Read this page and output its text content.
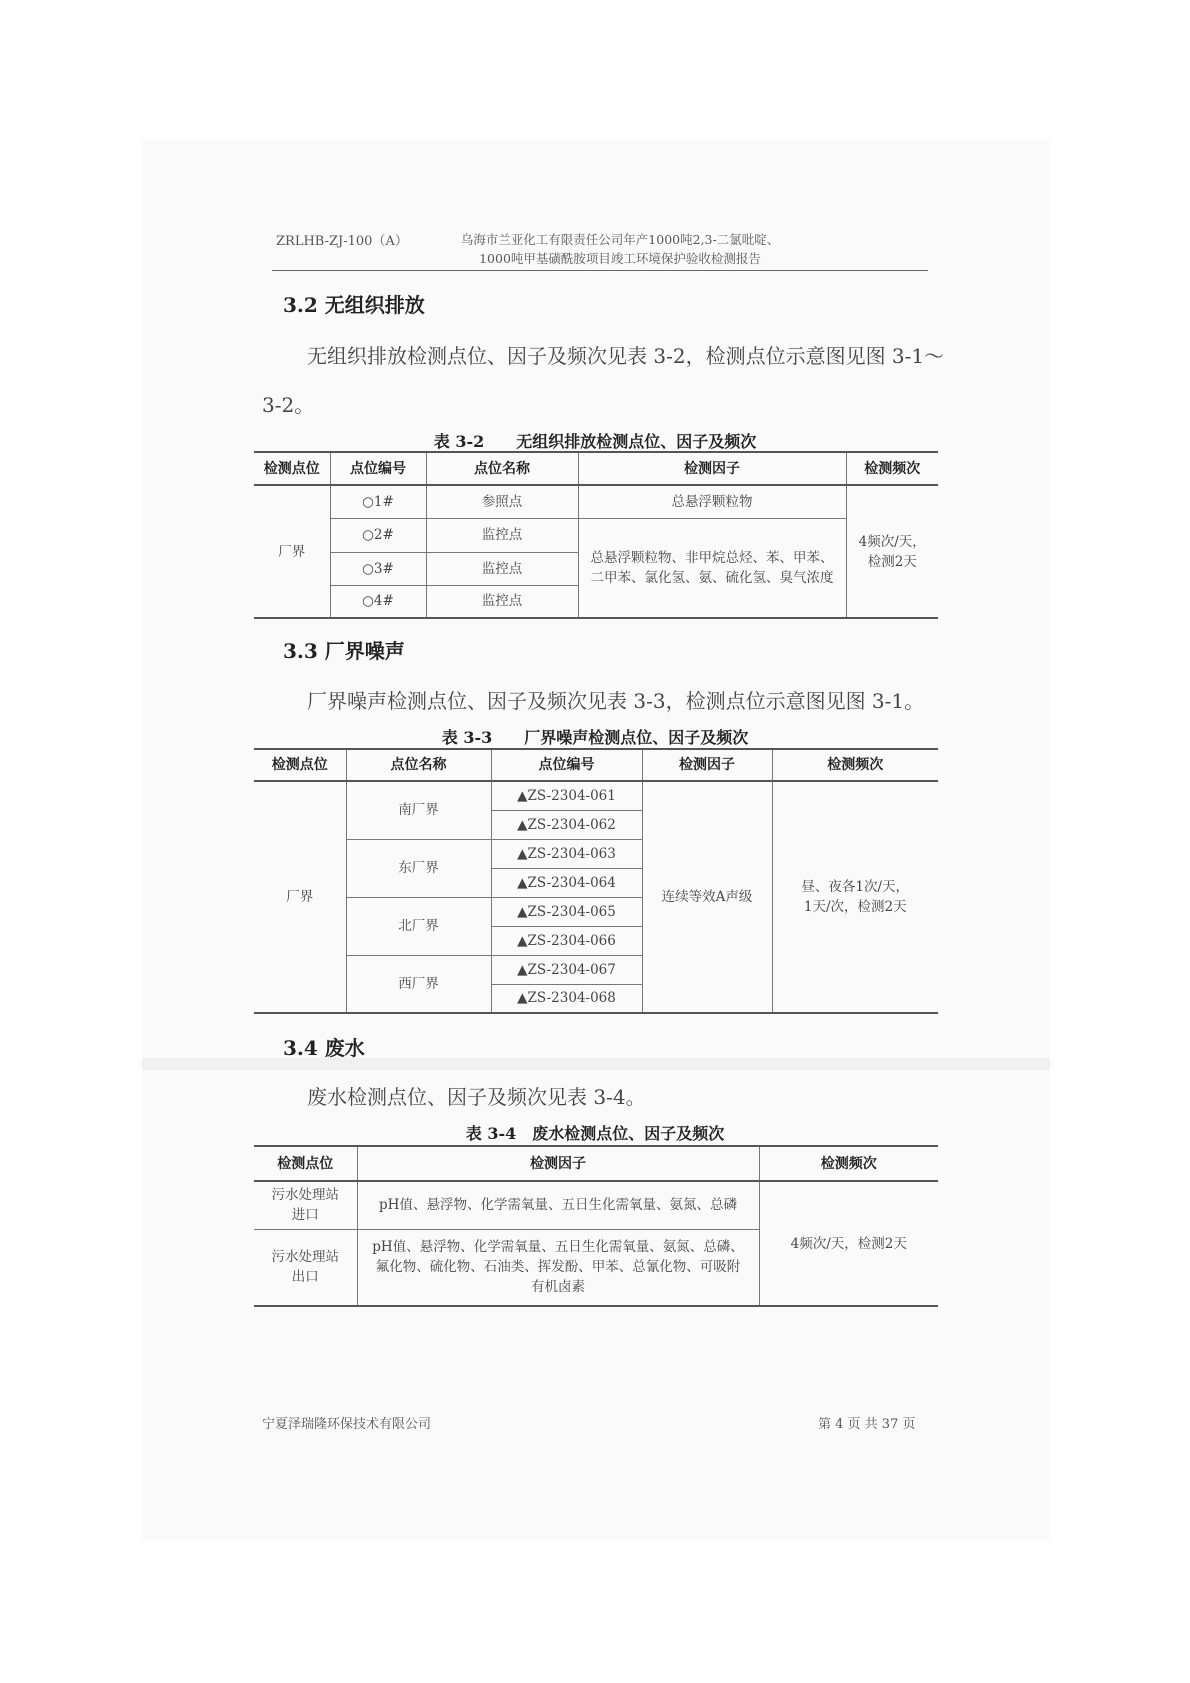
ZRLHB-ZJ-100（A）	乌海市兰亚化工有限责任公司年产1000吨2,3-二氯吡啶、
1000吨甲基磺酰胺项目竣工环境保护验收检测报告
3.2 无组织排放
无组织排放检测点位、因子及频次见表 3-2，检测点位示意图见图 3-1～
3-2。
表 3-2　　无组织排放检测点位、因子及频次
检测点位	点位编号	点位名称	检测因子	检测频次
厂界	○1#	参照点	总悬浮颗粒物	4频次/天，
检测2天

	○2#	监控点	总悬浮颗粒物、非甲烷总烃、苯、甲苯、二甲苯、氯化氢、氨、硫化氢、臭气浓度	
	○3#	监控点		
	○4#	监控点		
3.3 厂界噪声
厂界噪声检测点位、因子及频次见表 3-3，检测点位示意图见图 3-1。
表 3-3　　厂界噪声检测点位、因子及频次
检测点位	点位名称	点位编号	检测因子	检测频次
厂界	南厂界	▲ZS-2304-061	连续等效A声级	昼、夜各1次/天，
1天/次，检测2天

		▲ZS-2304-062		
	东厂界	▲ZS-2304-063		
		▲ZS-2304-064		
	北厂界	▲ZS-2304-065		
		▲ZS-2304-066		
	西厂界	▲ZS-2304-067		
		▲ZS-2304-068		
3.4 废水
废水检测点位、因子及频次见表 3-4。
表 3-4　废水检测点位、因子及频次
检测点位	检测因子	检测频次

污水处理站
进口	pH值、悬浮物、化学需氧量、五日生化需氧量、氨氮、总磷	4频次/天，检测2天

污水处理站
出口	pH值、悬浮物、化学需氧量、五日生化需氧量、氨氮、总磷、氟化物、硫化物、石油类、挥发酚、甲苯、总氰化物、可吸附有机卤素	
宁夏泽瑞隆环保技术有限公司	第 4 页 共 37 页
